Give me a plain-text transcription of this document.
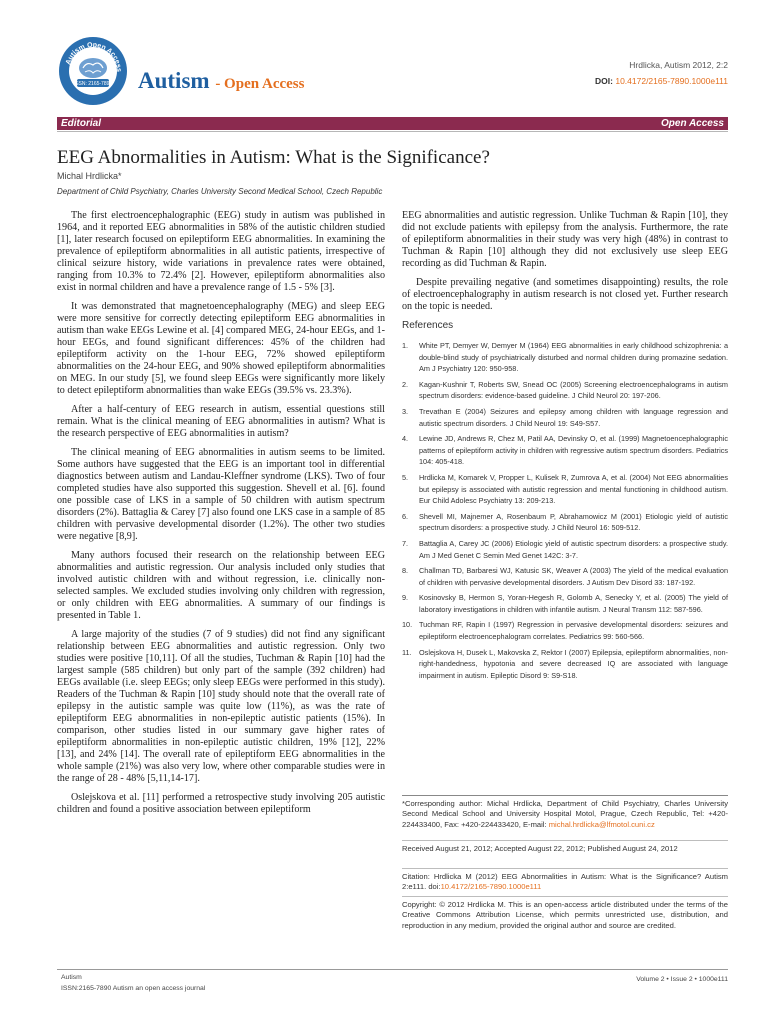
Autism Open Access
ISSN: 2165-7890 Autism - Open Access
Hrdlicka, Autism 2012, 2:2
DOI: 10.4172/2165-7890.1000e111
Editorial	Open Access
EEG Abnormalities in Autism: What is the Significance?
Michal Hrdlicka*
Department of Child Psychiatry, Charles University Second Medical School, Czech Republic

The first electroencephalographic (EEG) study in autism was published in 1964, and it reported EEG abnormalities in 58% of the autistic children studied [1], later research focused on epileptiform EEG abnormalities. In examining the prevalence of epileptiform abnormalities in all autistic patients, irrespective of clinical seizure history, wide variations in prevalence rates were obtained, ranging from 10.3% to 72.4% [2]. However, epileptiform abnormalities also exist in normal children and have a prevalence range of 1.5 - 5% [3].

It was demonstrated that magnetoencephalography (MEG) and sleep EEG were more sensitive for correctly detecting epileptiform EEG abnormalities in autism than wake EEGs Lewine et al. [4] compared MEG, 24-hour EEGs, and 1-hour EEGs, and found significant differences: 45% of the children had epileptiform activity on the 1-hour EEG, 72% showed epileptiform abnormalities on the 24-hour EEG, and 90% showed epileptiform abnormalities on MEG. In our study [5], we found sleep EEGs were significantly more likely to detect epileptiform abnormalities than wake EEGs (39.5% vs. 23.3%).

After a half-century of EEG research in autism, essential questions still remain. What is the clinical meaning of EEG abnormalities in autism? What is the research perspective of EEG abnormalities in autism?

The clinical meaning of EEG abnormalities in autism seems to be limited. Some authors have suggested that the EEG is an important tool in differential diagnostics between autism and Landau-Kleffner syndrome (LKS). Two of four completed studies have also supported this suggestion. Shevell et al. [6]. found one possible case of LKS in a sample of 50 children with autism spectrum disorders (2%). Battaglia & Carey [7] also found one LKS case in a sample of 85 children with pervasive developmental disorder (1.2%). The other two studies were negative [8,9].

Many authors focused their research on the relationship between EEG abnormalities and autistic regression. Our analysis included only studies that involved autistic children with and without regression, i.e. clinically non-selected samples. We excluded studies involving only children with regression, or only children with EEG abnormalities. A summary of our findings is presented in Table 1.

A large majority of the studies (7 of 9 studies) did not find any significant relationship between EEG abnormalities and autistic regression. Only two studies were positive [10,11]. Of all the studies, Tuchman & Rapin [10] had the largest sample (585 children) but only part of the sample (392 children) had EEGs available (i.e. sleep EEGs; only sleep EEGs were performed in this study). Readers of the Tuchman & Rapin [10] study should note that the overall rate of epilepsy in the autistic sample was quite low (11%), as was the rate of epileptiform EEG abnormalities in non-epileptic autistic patients (15%). In comparison, other studies listed in our summary gave higher rates of epileptiform abnormalities in non-epileptic autistic children, 19% [12], 22% [13], and 24% [14]. The overall rate of epileptiform EEG abnormalities in the whole sample (21%) was also very low, where other comparable studies were in the range of 28 - 48% [5,11,14-17].

Oslejskova et al. [11] performed a retrospective study involving 205 autistic children and found a positive association between epileptiform

EEG abnormalities and autistic regression. Unlike Tuchman & Rapin [10], they did not exclude patients with epilepsy from the analysis. Furthermore, the rate of epileptiform abnormalities in their study was very high (48%) in contrast to Tuchman & Rapin [10] although they did not exclusively use sleep EEG recording as did Tuchman & Rapin.

Despite prevailing negative (and sometimes disappointing) results, the role of electroencephalography in autism research is not closed yet. Further research on the topic is needed.

References
1.	White PT, Demyer W, Demyer M (1964) EEG abnormalities in early childhood schizophrenia: a double-blind study of psychiatrically disturbed and normal children during promazine sedation. Am J Psychiatry 120: 950-958.
2.	Kagan-Kushnir T, Roberts SW, Snead OC (2005) Screening electroencephalograms in autism spectrum disorders: evidence-based guideline. J Child Neurol 20: 197-206.
3.	Trevathan E (2004) Seizures and epilepsy among children with language regression and autistic spectrum disorders. J Child Neurol 19: S49-S57.
4.	Lewine JD, Andrews R, Chez M, Patil AA, Devinsky O, et al. (1999) Magnetoencephalographic patterns of epileptiform activity in children with regressive autism spectrum disorders. Pediatrics 104: 405-418.
5.	Hrdlicka M, Komarek V, Propper L, Kulisek R, Zumrova A, et al. (2004) Not EEG abnormalities but epilepsy is associated with autistic regression and mental functioning in childhood autism. Eur Child Adolesc Psychiatry 13: 209-213.
6.	Shevell MI, Majnemer A, Rosenbaum P, Abrahamowicz M (2001) Etiologic yield of autistic spectrum disorders: a prospective study. J Child Neurol 16: 509-512.
7.	Battaglia A, Carey JC (2006) Etiologic yield of autistic spectrum disorders: a prospective study. Am J Med Genet C Semin Med Genet 142C: 3-7.
8.	Challman TD, Barbaresi WJ, Katusic SK, Weaver A (2003) The yield of the medical evaluation of children with pervasive developmental disorders. J Autism Dev Disord 33: 187-192.
9.	Kosinovsky B, Hermon S, Yoran-Hegesh R, Golomb A, Senecky Y, et al. (2005) The yield of laboratory investigations in children with infantile autism. J Neural Transm 112: 587-596.
10. Tuchman RF, Rapin I (1997) Regression in pervasive developmental disorders: seizures and epileptiform electroencephalogram correlates. Pediatrics 99: 560-566.
11.	Oslejskova H, Dusek L, Makovska Z, Rektor I (2007) Epilepsia, epileptiform abnormalities, non-right-handedness, hypotonia and severe decreased IQ are associated with language impairment in autism. Epileptic Disord 9: S9-S18.
*Corresponding author: Michal Hrdlicka, Department of Child Psychiatry, Charles University Second Medical School and University Hospital Motol, Prague, Czech Republic, Tel: +420-224433400, Fax: +420-224433420, E-mail: michal.hrdlicka@lfmotol.cuni.cz
Received August 21, 2012; Accepted August 22, 2012; Published August 24, 2012
Citation: Hrdlicka M (2012) EEG Abnormalities in Autism: What is the Significance? Autism 2:e111. doi:10.4172/2165-7890.1000e111
Copyright: © 2012 Hrdlicka M. This is an open-access article distributed under the terms of the Creative Commons Attribution License, which permits unrestricted use, distribution, and reproduction in any medium, provided the original author and source are credited.
Autism
ISSN:2165-7890 Autism an open access journal
Volume 2 • Issue 2 • 1000e111
